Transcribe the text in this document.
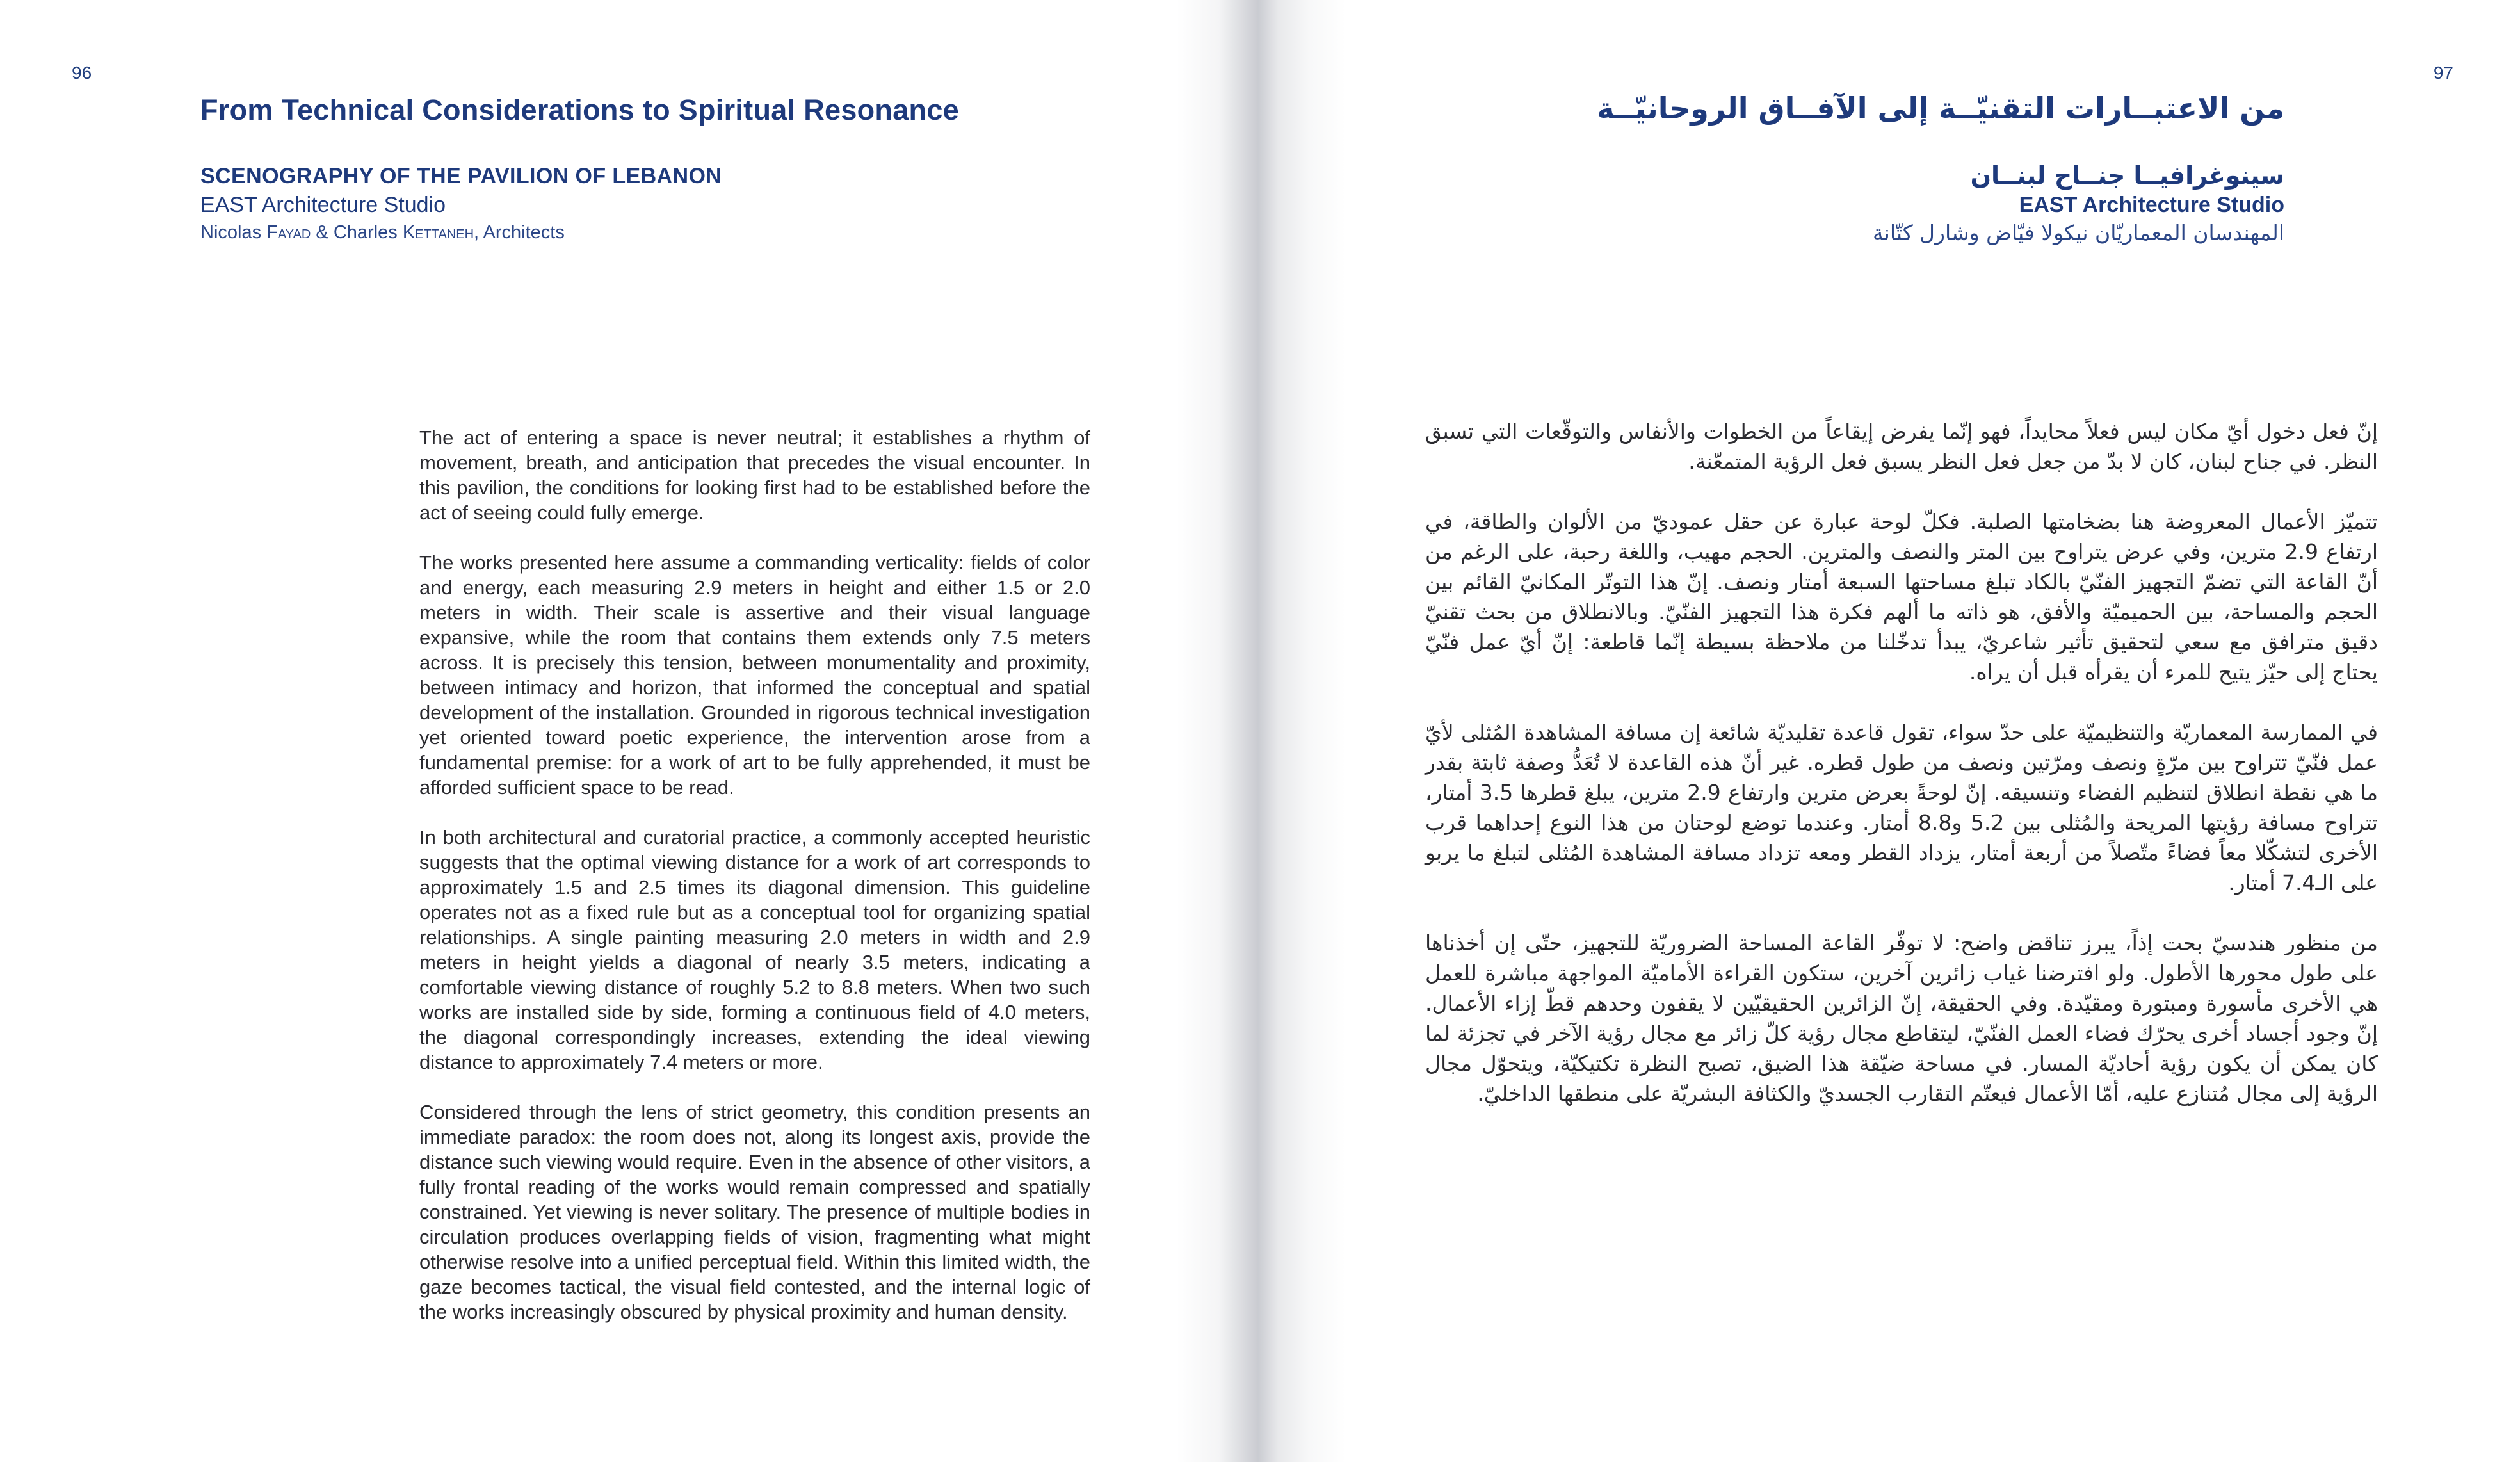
96
From Technical Considerations to Spiritual Resonance
SCENOGRAPHY OF THE PAVILION OF LEBANON
EAST Architecture Studio
Nicolas Fayad & Charles Kettaneh, Architects

The act of entering a space is never neutral; it establishes a rhythm of movement, breath, and anticipation that precedes the visual encounter. In this pavilion, the conditions for looking first had to be established before the act of seeing could fully emerge.

The works presented here assume a commanding verticality: fields of color and energy, each measuring 2.9 meters in height and either 1.5 or 2.0 meters in width. Their scale is assertive and their visual language expansive, while the room that contains them extends only 7.5 meters across. It is precisely this tension, between monumentality and proximity, between intimacy and horizon, that informed the conceptual and spatial development of the installation. Grounded in rigorous technical investigation yet oriented toward poetic experience, the intervention arose from a fundamental premise: for a work of art to be fully apprehended, it must be afforded sufficient space to be read.

In both architectural and curatorial practice, a commonly accepted heuristic suggests that the optimal viewing distance for a work of art corresponds to approximately 1.5 and 2.5 times its diagonal dimension. This guideline operates not as a fixed rule but as a conceptual tool for organizing spatial relationships. A single painting measuring 2.0 meters in width and 2.9 meters in height yields a diagonal of nearly 3.5 meters, indicating a comfortable viewing distance of roughly 5.2 to 8.8 meters. When two such works are installed side by side, forming a continuous field of 4.0 meters, the diagonal correspondingly increases, extending the ideal viewing distance to approximately 7.4 meters or more.

Considered through the lens of strict geometry, this condition presents an immediate paradox: the room does not, along its longest axis, provide the distance such viewing would require. Even in the absence of other visitors, a fully frontal reading of the works would remain compressed and spatially constrained. Yet viewing is never solitary. The presence of multiple bodies in circulation produces overlapping fields of vision, fragmenting what might otherwise resolve into a unified perceptual field. Within this limited width, the gaze becomes tactical, the visual field contested, and the internal logic of the works increasingly obscured by physical proximity and human density.

97
من الاعتبــارات التقنيّــة إلى الآفــاق الروحانيّــة
سينوغرافيــا جنــاح لبنــان
EAST Architecture Studio
المهندسان المعماريّان نيكولا فيّاض وشارل كتّانة

إنّ فعل دخول أيّ مكان ليس فعلاً محايداً، فهو إنّما يفرض إيقاعاً من الخطوات والأنفاس والتوقّعات التي تسبق النظر. في جناح لبنان، كان لا بدّ من جعل فعل النظر يسبق فعل الرؤية المتمعّنة.

تتميّز الأعمال المعروضة هنا بضخامتها الصلبة. فكلّ لوحة عبارة عن حقل عموديّ من الألوان والطاقة، في ارتفاع 2.9 مترين، وفي عرض يتراوح بين المتر والنصف والمترين. الحجم مهيب، واللغة رحبة، على الرغم من أنّ القاعة التي تضمّ التجهيز الفنّيّ بالكاد تبلغ مساحتها السبعة أمتار ونصف. إنّ هذا التوتّر المكانيّ القائم بين الحجم والمساحة، بين الحميميّة والأفق، هو ذاته ما ألهم فكرة هذا التجهيز الفنّيّ. وبالانطلاق من بحث تقنيّ دقيق مترافق مع سعي لتحقيق تأثير شاعريّ، يبدأ تدخّلنا من ملاحظة بسيطة إنّما قاطعة: إنّ أيّ عمل فنّيّ يحتاج إلى حيّز يتيح للمرء أن يقرأه قبل أن يراه.

في الممارسة المعماريّة والتنظيميّة على حدّ سواء، تقول قاعدة تقليديّة شائعة إن مسافة المشاهدة المُثلى لأيّ عمل فنّيّ تتراوح بين مرّةٍ ونصف ومرّتين ونصف من طول قطره. غير أنّ هذه القاعدة لا تُعَدُّ وصفة ثابتة بقدر ما هي نقطة انطلاق لتنظيم الفضاء وتنسيقه. إنّ لوحةً بعرض مترين وارتفاع 2.9 مترين، يبلغ قطرها 3.5 أمتار، تتراوح مسافة رؤيتها المريحة والمُثلى بين 5.2 و8.8 أمتار. وعندما توضع لوحتان من هذا النوع إحداهما قرب الأخرى لتشكّلا معاً فضاءً متّصلاً من أربعة أمتار، يزداد القطر ومعه تزداد مسافة المشاهدة المُثلى لتبلغ ما يربو على الـ7.4 أمتار.

من منظور هندسيّ بحت إذاً، يبرز تناقض واضح: لا توفّر القاعة المساحة الضروريّة للتجهيز، حتّى إن أخذناها على طول محورها الأطول. ولو افترضنا غياب زائرين آخرين، ستكون القراءة الأماميّة المواجهة مباشرة للعمل هي الأخرى مأسورة ومبتورة ومقيّدة. وفي الحقيقة، إنّ الزائرين الحقيقيّين لا يقفون وحدهم قطّ إزاء الأعمال. إنّ وجود أجساد أخرى يحرّك فضاء العمل الفنّيّ، ليتقاطع مجال رؤية كلّ زائر مع مجال رؤية الآخر في تجزئة لما كان يمكن أن يكون رؤية أحاديّة المسار. في مساحة ضيّقة هذا الضيق، تصبح النظرة تكتيكيّة، ويتحوّل مجال الرؤية إلى مجال مُتنازع عليه، أمّا الأعمال فيعتّم التقارب الجسديّ والكثافة البشريّة على منطقها الداخليّ.
